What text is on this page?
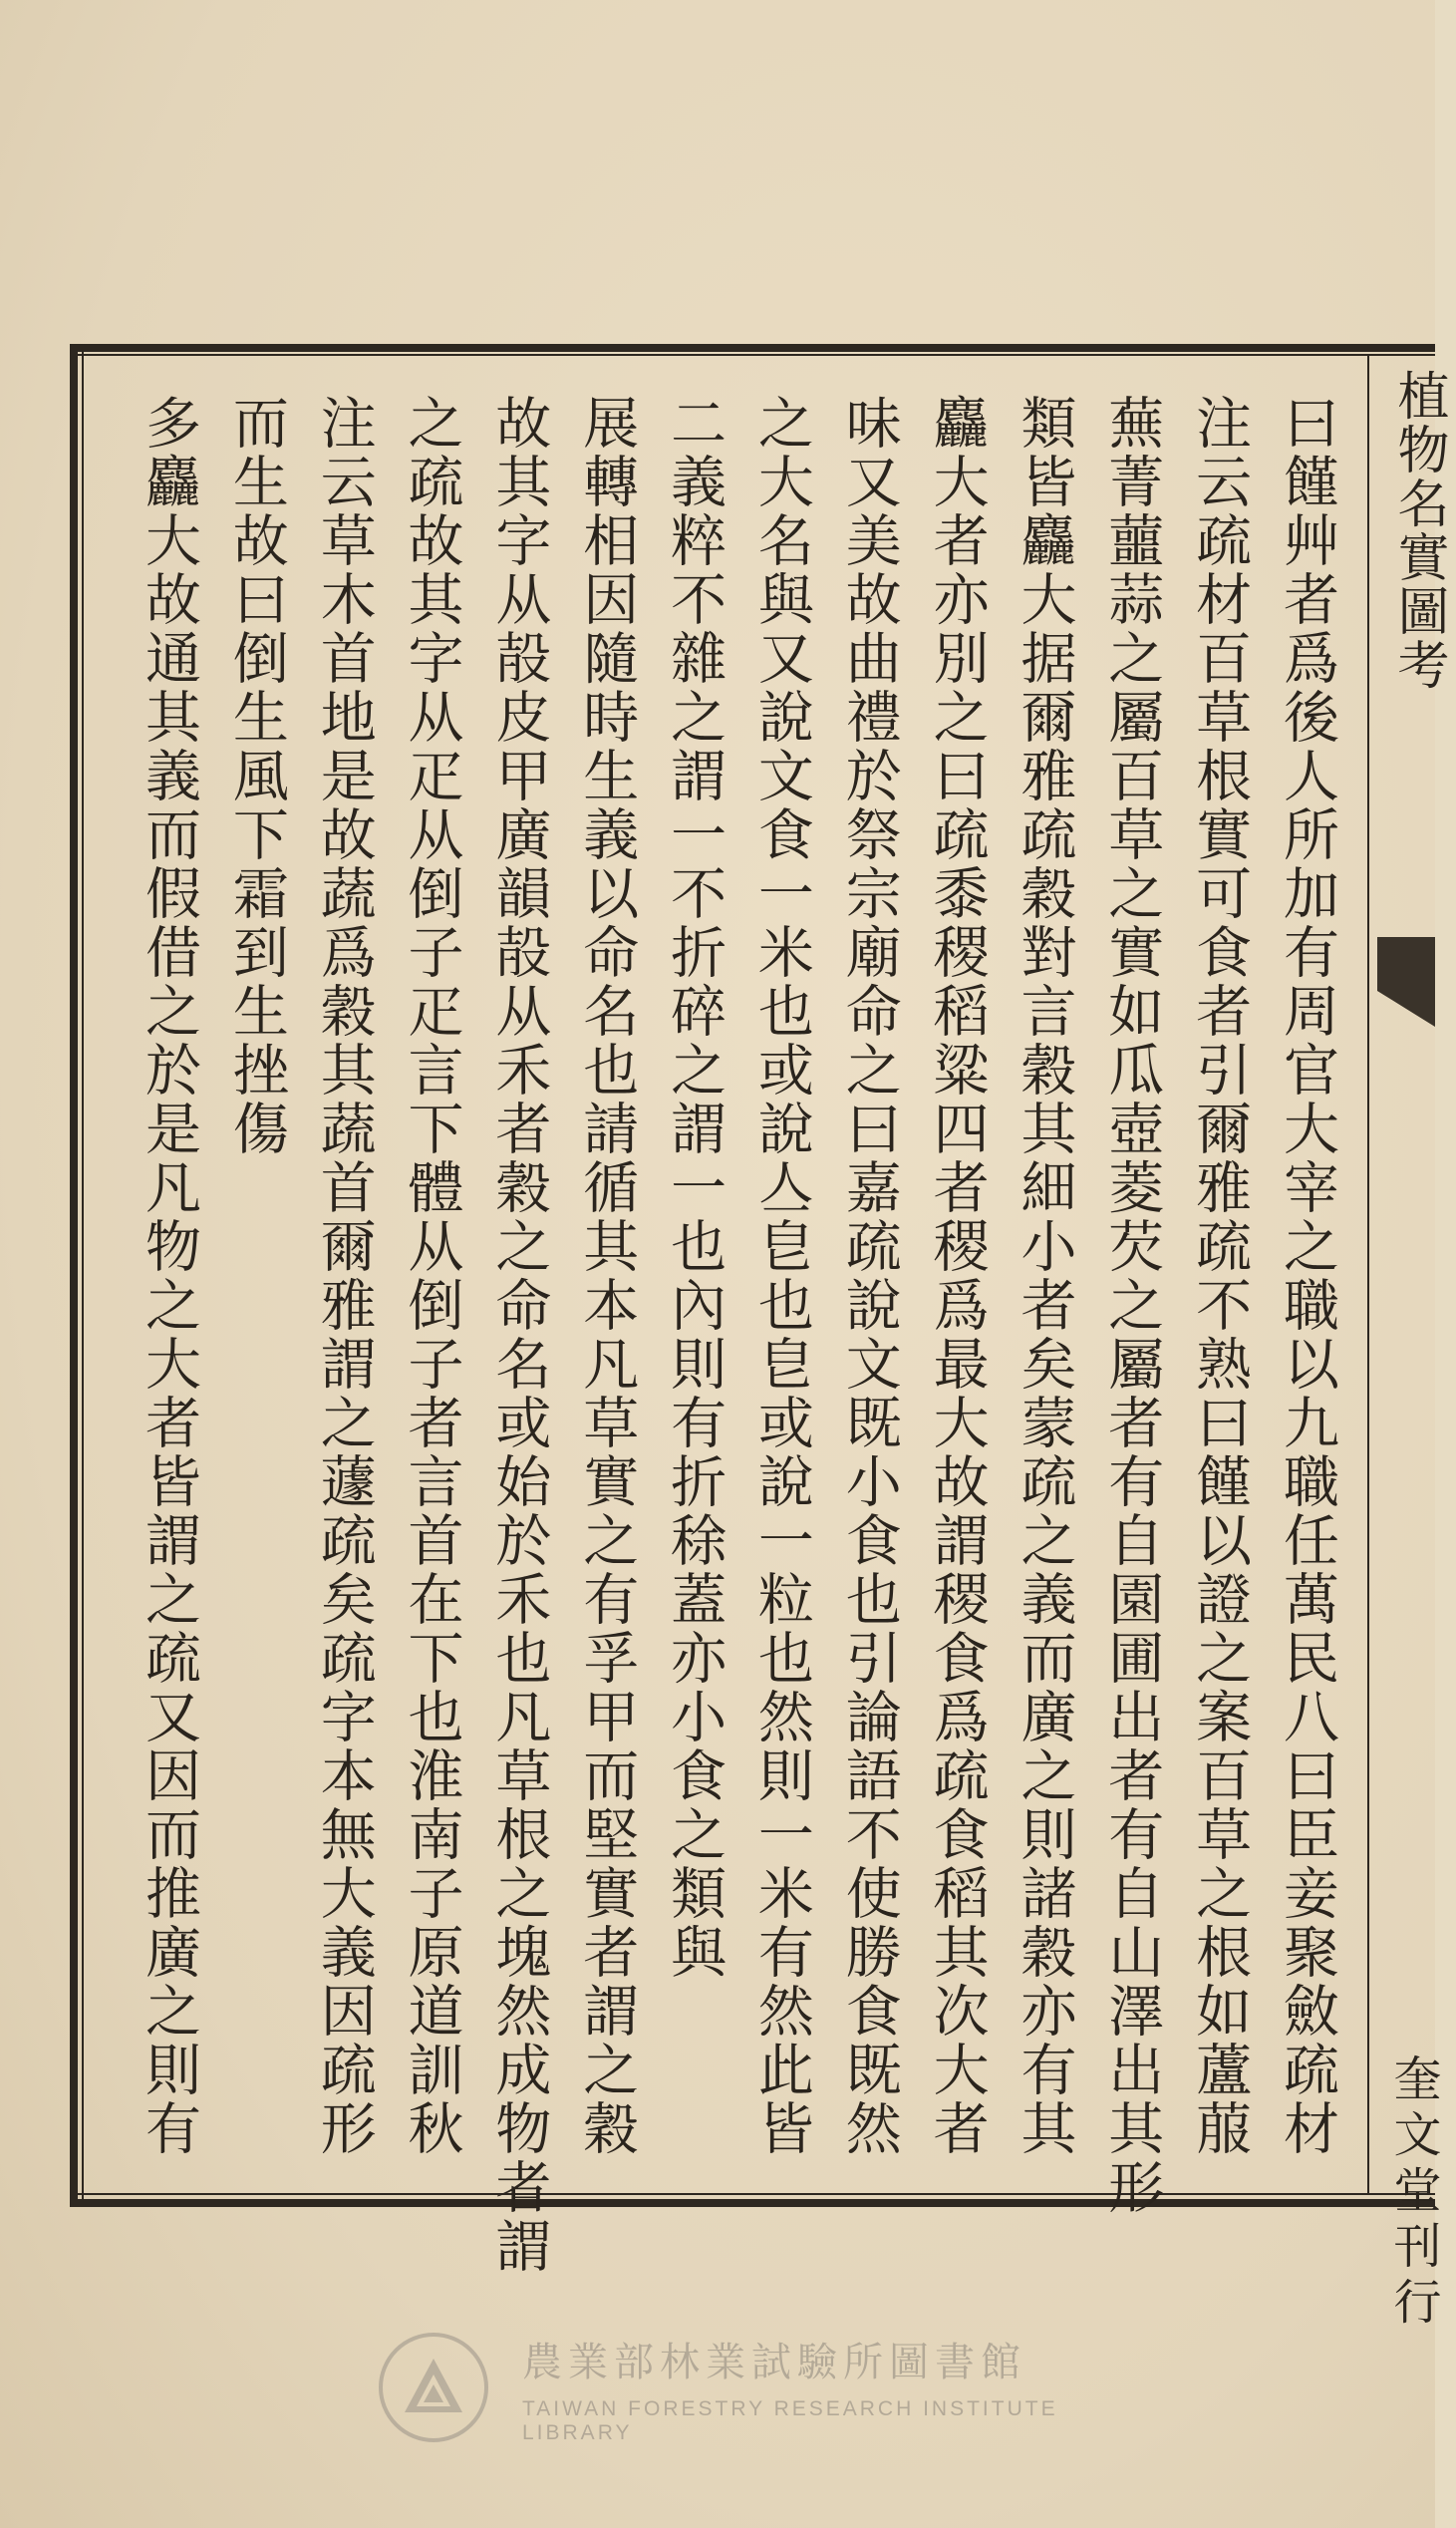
植物名實圖考
奎文堂刊行
曰饉艸者爲後人所加有周官大宰之職以九職任萬民八曰臣妾聚斂疏材
注云疏材百草根實可食者引爾雅疏不熟曰饉以證之案百草之根如蘆菔
蕪菁蘁蒜之屬百草之實如瓜壺菱芡之屬者有自園圃出者有自山澤出其形
類皆麤大据爾雅疏穀對言穀其細小者矣蒙疏之義而廣之則諸穀亦有其
麤大者亦別之曰疏黍稷稻粱四者稷爲最大故謂稷食爲疏食稻其次大者
味又美故曲禮於祭宗廟命之曰嘉疏說文既小食也引論語不使勝食既然
之大名與又說文食一米也或說亼皀也皀或說一粒也然則一米有然此皆
二義粹不雜之謂一不折碎之謂一也內則有折稌蓋亦小食之類與
展轉相因隨時生義以命名也請循其本凡草實之有孚甲而堅實者謂之穀
故其字从㱿皮甲廣韻㱿从禾者穀之命名或始於禾也凡草根之塊然成物者謂
之疏故其字从疋从倒子疋言下體从倒子者言首在下也淮南子原道訓秋
注云草木首地是故蔬爲穀其蔬首爾雅謂之蘧疏矣疏字本無大義因疏形
而生故曰倒生風下霜到生挫傷
多麤大故通其義而假借之於是凡物之大者皆謂之疏又因而推廣之則有
農業部林業試驗所圖書館
TAIWAN FORESTRY RESEARCH INSTITUTE LIBRARY
